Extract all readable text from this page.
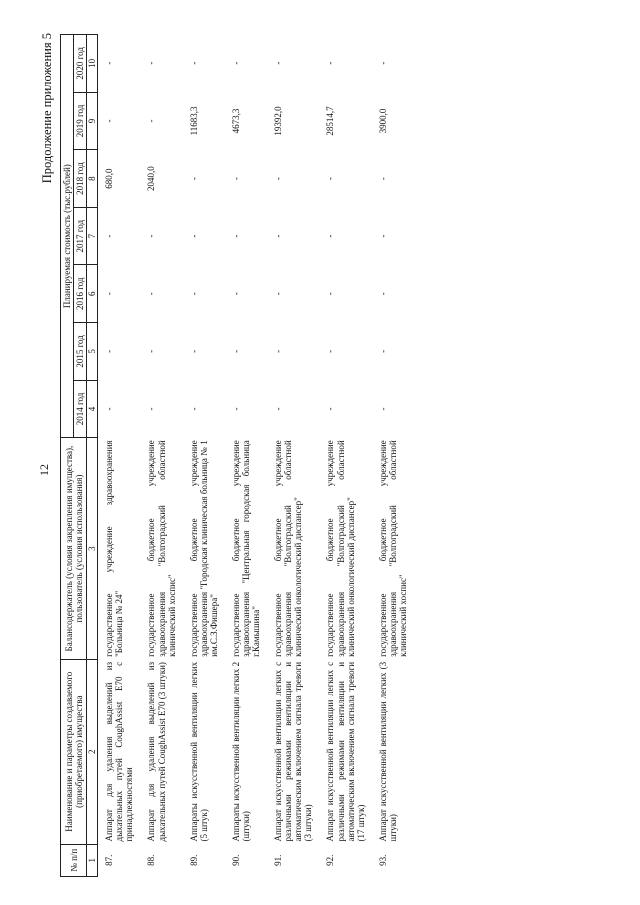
12
Продолжение приложения 5
№ п/п	Наименование и параметры создаваемого (приобретаемого) имущества	Балансодержатель (условия закрепления имущества), пользователь (условия использования)	Планируемая стоимость (тыс.рублей)						
			2014 год	2015 год	2016 год	2017 год	2018 год	2019 год	2020 год
1	2	3	4	5	6	7	8	9	10
87.	Аппарат для удаления выделений из дыхательных путей CoughAssist E70 с принадлежностями	государственное учреждение здравоохранения "Больница № 24"	-	-	-	-	680,0	-	-
88.	Аппарат для удаления выделений из дыхательных путей CoughAssist E70 (3 штуки)	государственное бюджетное учреждение здравоохранения "Волгоградский областной клинический хоспис"	-	-	-	-	2040,0	-	-
89.	Аппараты искусственной вентиляции легких (5 штук)	государственное бюджетное учреждение здравоохранения "Городская клиническая больница № 1 им.С.З.Фишера"	-	-	-	-	-	11683,3	-
90.	Аппараты искусственной вентиляции легких 2 (штуки)	государственное бюджетное учреждение здравоохранения "Центральная городская больница г.Камышина"	-	-	-	-	-	4673,3	-
91.	Аппарат искусственной вентиляции легких с различными режимами вентиляции и автоматическим включением сигнала тревоги (3 штуки)	государственное бюджетное учреждение здравоохранения "Волгоградский областной клинический онкологический диспансер"	-	-	-	-	-	19392,0	-
92.	Аппарат искусственной вентиляции легких с различными режимами вентиляции и автоматическим включением сигнала тревоги (17 штук)	государственное бюджетное учреждение здравоохранения "Волгоградский областной клинический онкологический диспансер"	-	-	-	-	-	28514,7	-
93.	Аппарат искусственной вентиляции легких (3 штуки)	государственное бюджетное учреждение здравоохранения "Волгоградский областной клинический хоспис"	-	-	-	-	-	3900,0	-
